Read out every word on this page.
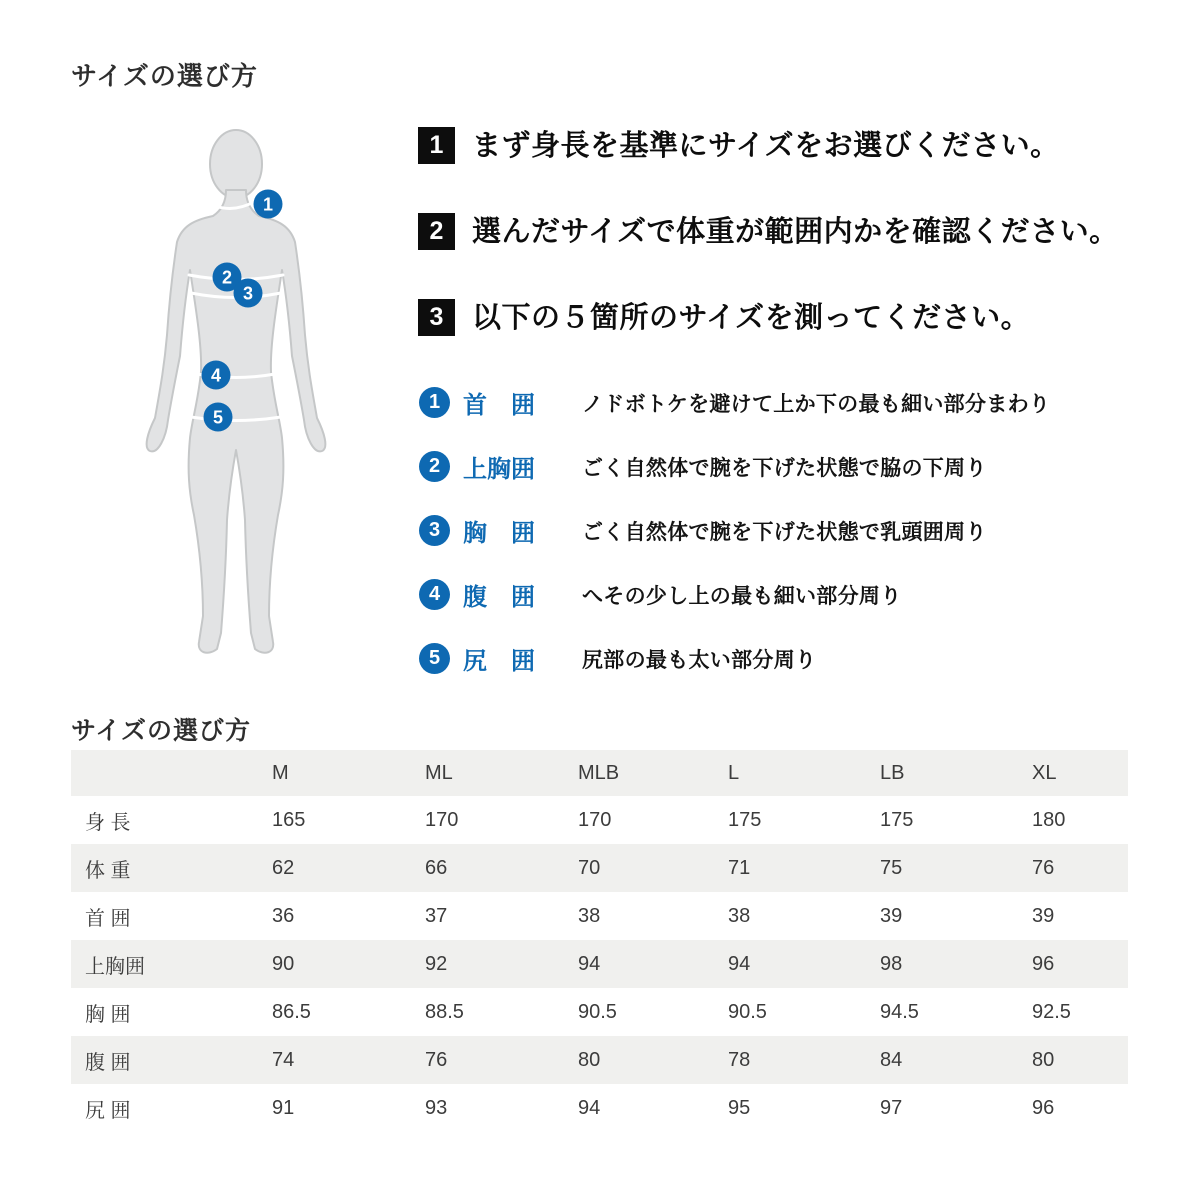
サイズの選び方
1
2
3
4
5
1 まず身長を基準にサイズをお選びください。
2 選んだサイズで体重が範囲内かを確認ください。
3 以下の５箇所のサイズを測ってください。
1 首　囲	ノドボトケを避けて上か下の最も細い部分まわり
2 上胸囲	ごく自然体で腕を下げた状態で脇の下周り
3 胸　囲	ごく自然体で腕を下げた状態で乳頭囲周り
4 腹　囲	へその少し上の最も細い部分周り
5 尻　囲	尻部の最も太い部分周り
サイズの選び方
	M	ML	MLB	L	LB	XL
身 長	165	170	170	175	175	180
体 重	62	66	70	71	75	76
首 囲	36	37	38	38	39	39
上胸囲	90	92	94	94	98	96
胸 囲	86.5	88.5	90.5	90.5	94.5	92.5
腹 囲	74	76	80	78	84	80
尻 囲	91	93	94	95	97	96
